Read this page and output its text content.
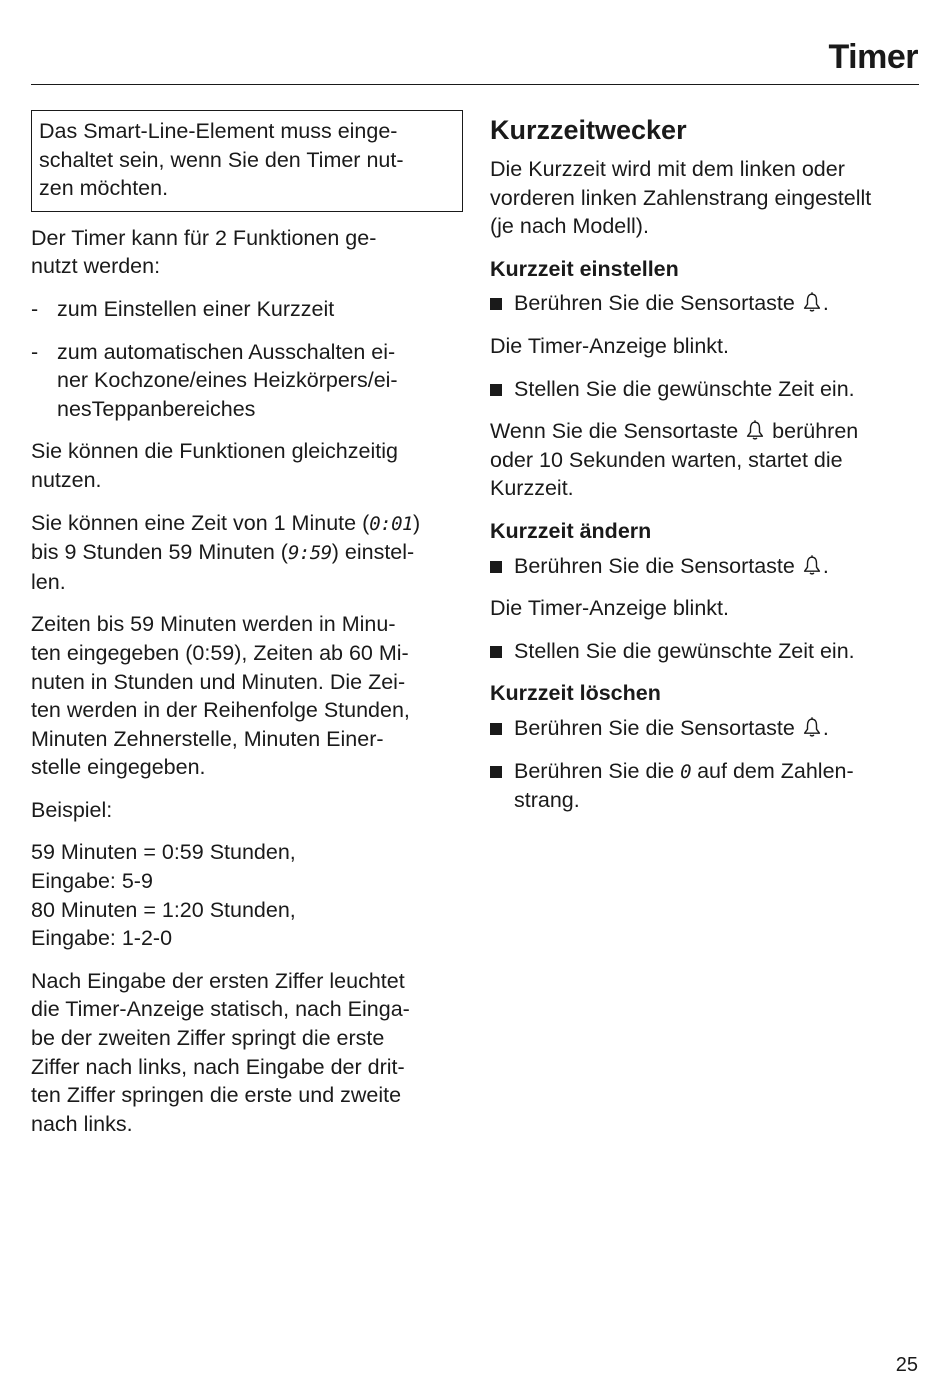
Timer
Das Smart-Line-Element muss einge-
schaltet sein, wenn Sie den Timer nut-
zen möchten.

Der Timer kann für 2 Funktionen ge-
nutzt werden:

- zum Einstellen einer Kurzzeit
- zum automatischen Ausschalten ei-
ner Kochzone/eines Heizkörpers/ei-
nesTeppanbereiches

Sie können die Funktionen gleichzeitig
nutzen.

Sie können eine Zeit von 1 Minute (0:01)
bis 9 Stunden 59 Minuten (9:59) einstel-
len.

Zeiten bis 59 Minuten werden in Minu-
ten eingegeben (0:59), Zeiten ab 60 Mi-
nuten in Stunden und Minuten. Die Zei-
ten werden in der Reihenfolge Stunden,
Minuten Zehnerstelle, Minuten Einer-
stelle eingegeben.

Beispiel:

59 Minuten = 0:59 Stunden,
Eingabe: 5-9
80 Minuten = 1:20 Stunden,
Eingabe: 1-2-0

Nach Eingabe der ersten Ziffer leuchtet
die Timer-Anzeige statisch, nach Einga-
be der zweiten Ziffer springt die erste
Ziffer nach links, nach Eingabe der drit-
ten Ziffer springen die erste und zweite
nach links.

Kurzzeitwecker

Die Kurzzeit wird mit dem linken oder
vorderen linken Zahlenstrang eingestellt
(je nach Modell).

Kurzzeit einstellen
Berühren Sie die Sensortaste .

Die Timer-Anzeige blinkt.

Stellen Sie die gewünschte Zeit ein.

Wenn Sie die Sensortaste berühren
oder 10 Sekunden warten, startet die
Kurzzeit.

Kurzzeit ändern
Berühren Sie die Sensortaste .

Die Timer-Anzeige blinkt.

Stellen Sie die gewünschte Zeit ein.
Kurzzeit löschen
Berühren Sie die Sensortaste .
Berühren Sie die 0 auf dem Zahlen-
strang.
25
